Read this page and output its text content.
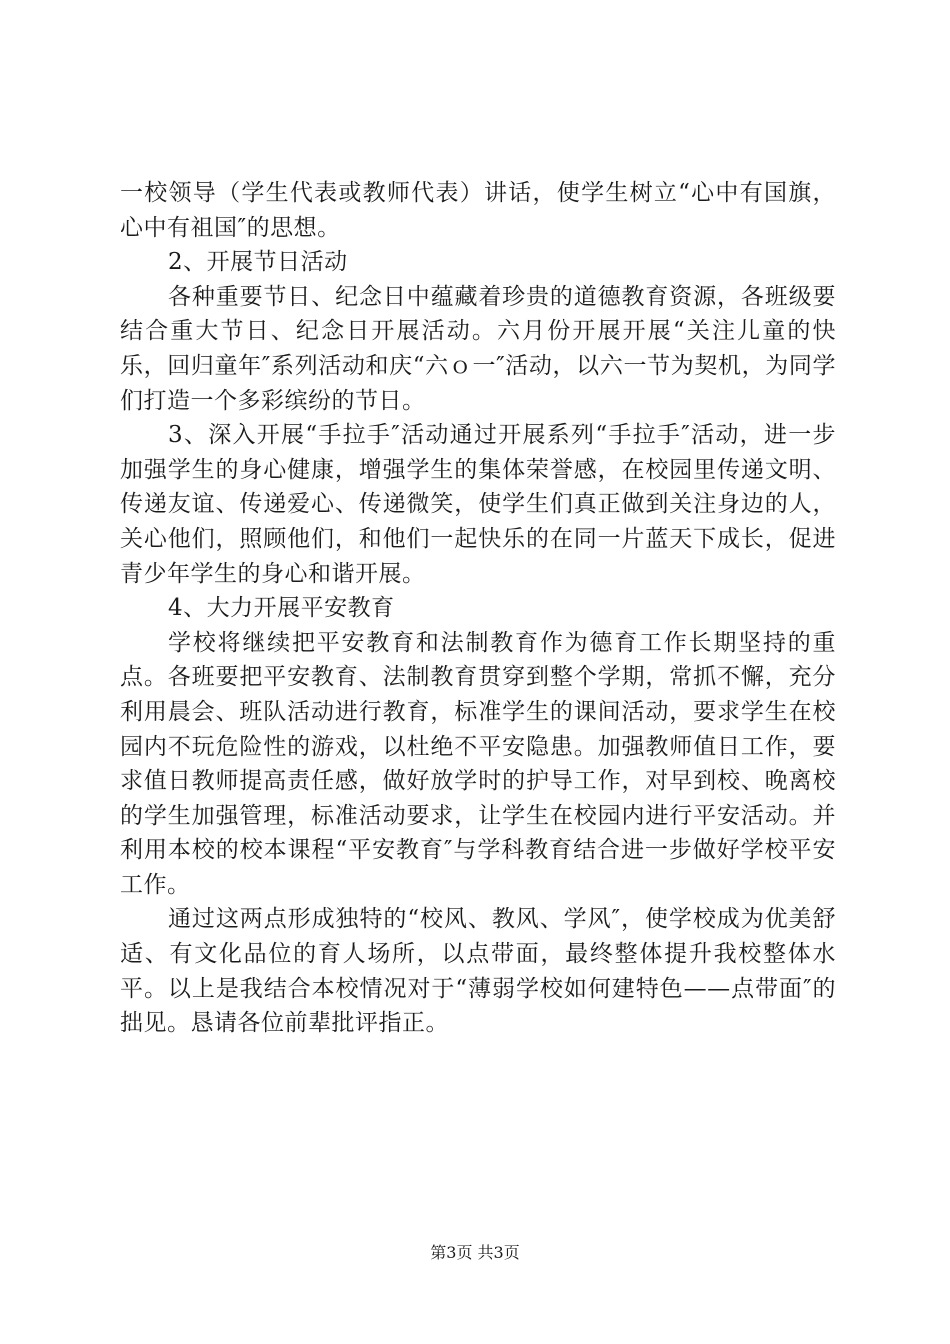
一校领导（学生代表或教师代表）讲话，使学生树立“心中有国旗，心中有祖国″的思想。

2、开展节日活动

各种重要节日、纪念日中蕴藏着珍贵的道德教育资源，各班级要结合重大节日、纪念日开展活动。六月份开展开展“关注儿童的快乐，回归童年″系列活动和庆“六ｏ一″活动，以六一节为契机，为同学们打造一个多彩缤纷的节日。

3、深入开展“手拉手″活动通过开展系列“手拉手″活动，进一步加强学生的身心健康，增强学生的集体荣誉感，在校园里传递文明、传递友谊、传递爱心、传递微笑，使学生们真正做到关注身边的人，关心他们，照顾他们，和他们一起快乐的在同一片蓝天下成长，促进青少年学生的身心和谐开展。

4、大力开展平安教育

学校将继续把平安教育和法制教育作为德育工作长期坚持的重点。各班要把平安教育、法制教育贯穿到整个学期，常抓不懈，充分利用晨会、班队活动进行教育，标准学生的课间活动，要求学生在校园内不玩危险性的游戏，以杜绝不平安隐患。加强教师值日工作，要求值日教师提高责任感，做好放学时的护导工作，对早到校、晚离校的学生加强管理，标准活动要求，让学生在校园内进行平安活动。并利用本校的校本课程“平安教育″与学科教育结合进一步做好学校平安工作。

通过这两点形成独特的“校风、教风、学风″，使学校成为优美舒适、有文化品位的育人场所，以点带面，最终整体提升我校整体水平。以上是我结合本校情况对于“薄弱学校如何建特色——点带面″的拙见。恳请各位前辈批评指正。

第3页 共3页
